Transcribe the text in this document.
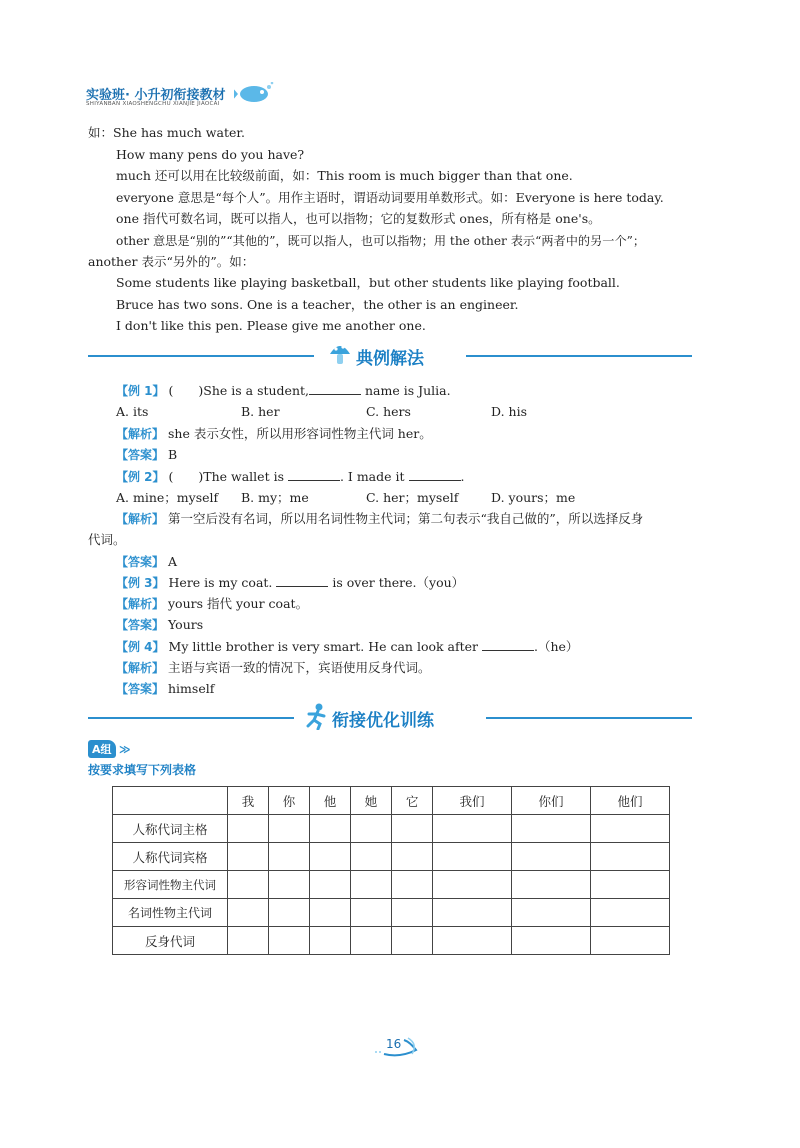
实验班· 小升初衔接教材
SHIYANBAN XIAOSHENGCHU XIANJIE JIAOCAI
如：She has much water.
How many pens do you have?
much 还可以用在比较级前面，如：This room is much bigger than that one.
everyone 意思是“每个人”。用作主语时，谓语动词要用单数形式。如：Everyone is here today.
one 指代可数名词，既可以指人，也可以指物；它的复数形式 ones，所有格是 one's。
other 意思是“别的”“其他的”，既可以指人，也可以指物；用 the other 表示“两者中的另一个”；
another 表示“另外的”。如：
Some students like playing basketball，but other students like playing football.
Bruce has two sons. One is a teacher，the other is an engineer.
I don't like this pen. Please give me another one.
典例解法
【例 1】 (　　)She is a student,	name is Julia.
A. its	B. her	C. hers	D. his
【解析】 she 表示女性，所以用形容词性物主代词 her。
【答案】 B
【例 2】 (　　)The wallet is	. I made it	.
A. mine；myself B. my；me	C. her；myself	D. yours；me
【解析】 第一空后没有名词，所以用名词性物主代词；第二句表示“我自己做的”，所以选择反身
代词。
【答案】 A
【例 3】 Here is my coat.	is over there.（you）
【解析】 yours 指代 your coat。
【答案】 Yours
【例 4】 My little brother is very smart. He can look after	.（he）
【解析】 主语与宾语一致的情况下，宾语使用反身代词。
【答案】 himself
衔接优化训练
A组 ≫
按要求填写下列表格
	我	你	他	她	它	我们	你们	他们
人称代词主格								
人称代词宾格								
形容词性物主代词								
名词性物主代词								
反身代词								
16
